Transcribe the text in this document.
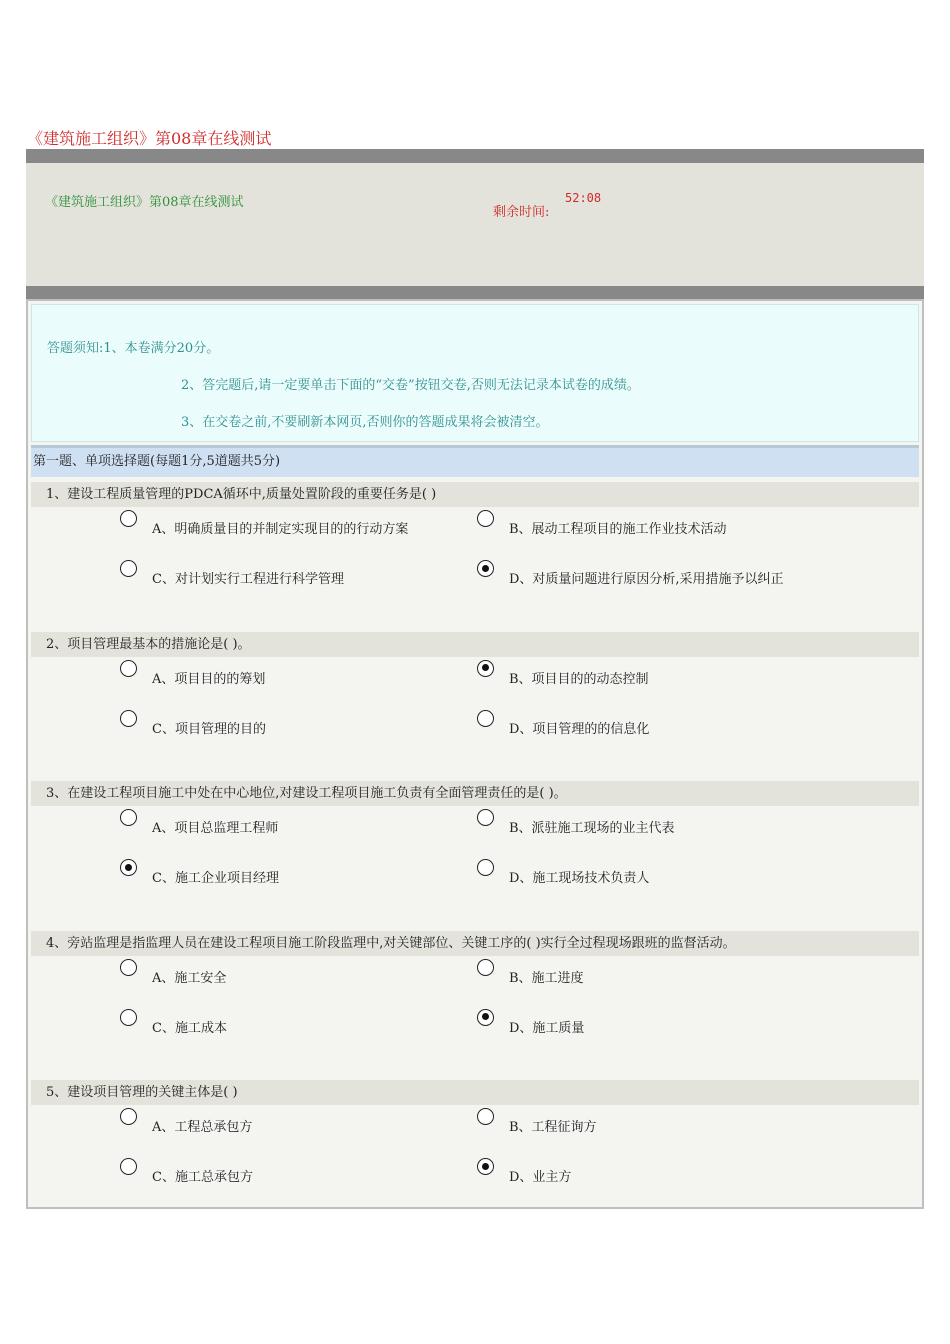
《建筑施工组织》第08章在线测试
《建筑施工组织》第08章在线测试
剩余时间:
52:08
答题须知:1、本卷满分20分。
2、答完题后,请一定要单击下面的“交卷”按钮交卷,否则无法记录本试卷的成绩。
3、在交卷之前,不要刷新本网页,否则你的答题成果将会被清空。
第一题、单项选择题(每题1分,5道题共5分)
1、建设工程质量管理的PDCA循环中,质量处置阶段的重要任务是( )
A、明确质量目的并制定实现目的的行动方案	B、展动工程项目的施工作业技术活动
C、对计划实行工程进行科学管理	D、对质量问题进行原因分析,采用措施予以纠正
2、项目管理最基本的措施论是( )。
A、项目目的的筹划	B、项目目的的动态控制
C、项目管理的目的	D、项目管理的的信息化
3、在建设工程项目施工中处在中心地位,对建设工程项目施工负责有全面管理责任的是( )。
A、项目总监理工程师	B、派驻施工现场的业主代表
C、施工企业项目经理	D、施工现场技术负责人
4、旁站监理是指监理人员在建设工程项目施工阶段监理中,对关键部位、关键工序的( )实行全过程现场跟班的监督活动。
A、施工安全	B、施工进度
C、施工成本	D、施工质量
5、建设项目管理的关键主体是( )
A、工程总承包方	B、工程征询方
C、施工总承包方	D、业主方
